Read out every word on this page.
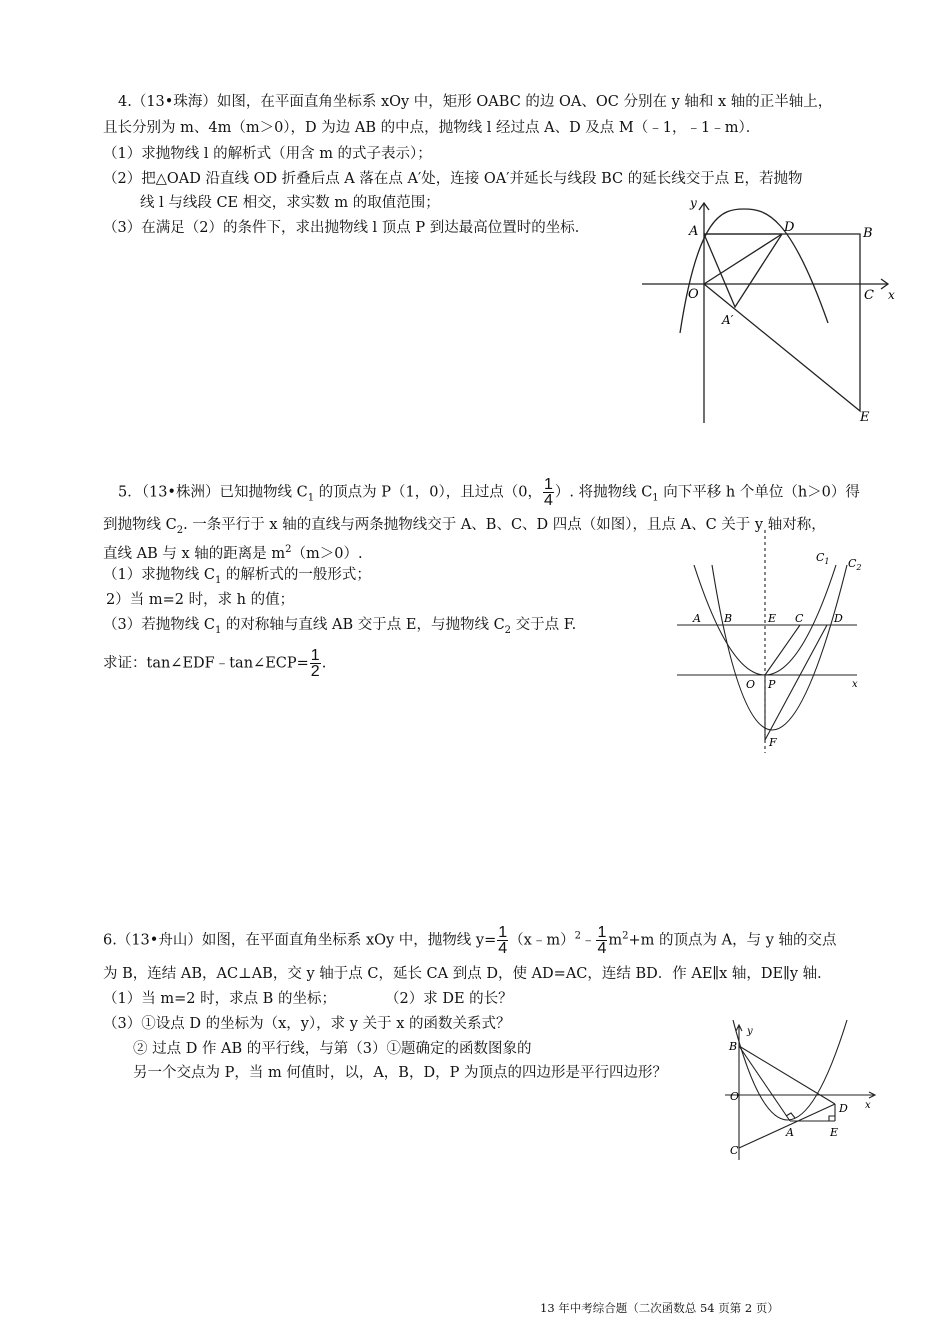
4.（13•珠海）如图，在平面直角坐标系 xOy 中，矩形 OABC 的边 OA、OC 分别在 y 轴和 x 轴的正半轴上，
且长分别为 m、4m（m＞0），D 为边 AB 的中点，抛物线 l 经过点 A、D 及点 M（﹣1，﹣1﹣m）．
（1）求抛物线 l 的解析式（用含 m 的式子表示）；
（2）把△OAD 沿直线 OD 折叠后点 A 落在点 A′处，连接 OA′并延长与线段 BC 的延长线交于点 E，若抛物
线 l 与线段 CE 相交，求实数 m 的取值范围；
（3）在满足（2）的条件下，求出抛物线 l 顶点 P 到达最高位置时的坐标．
y
x
A	D	B
O	C
A′
E
5．（13•株洲）已知抛物线 $C_1$ 的顶点为 P（1，0），且过点（0， $\frac{1}{4}$ ）. 将抛物线 $C_1$ 向下平移 h 个单位（h＞0）得
到抛物线 $C_2$. 一条平行于 x 轴的直线与两条抛物线交于 A、B、C、D 四点（如图），且点 A、C 关于 y 轴对称，
直线 AB 与 x 轴的距离是 $m^2(m>0)$.
（1）求抛物线 $C_1$ 的解析式的一般形式；
2）当 m=2 时，求 h 的值；
（3）若抛物线 $C_1$ 的对称轴与直线 AB 交于点 E，与抛物线 $C_2$ 交于点 F.
求证：tan∠EDF﹣tan∠ECP= $\frac{1}{2}$ .
$C_1$ $C_2$
A B	E C	D
O P	x
F
6.（13•舟山）如图，在平面直角坐标系 xOy 中，抛物线 $y= \frac{1}{4}$ （x﹣m）$^2$﹣ $\frac{1}{4} m^2+m$ 的顶点为 A，与 y 轴的交点
为 B，连结 AB，AC⊥AB，交 y 轴于点 C，延长 CA 到点 D，使 AD=AC，连结 BD．作 AE∥x 轴，DE∥y 轴．
（1）当 m=2 时，求点 B 的坐标；	（2）求 DE 的长？
（3）①设点 D 的坐标为（x，y），求 y 关于 x 的函数关系式？
② 过点 D 作 AB 的平行线，与第（3）①题确定的函数图象的
另一个交点为 P，当 m 何值时，以，A，B，D，P 为顶点的四边形是平行四边形？
y
B
O
x
D
A	E
C
13 年中考综合题（二次函数总 54 页第 2 页）
